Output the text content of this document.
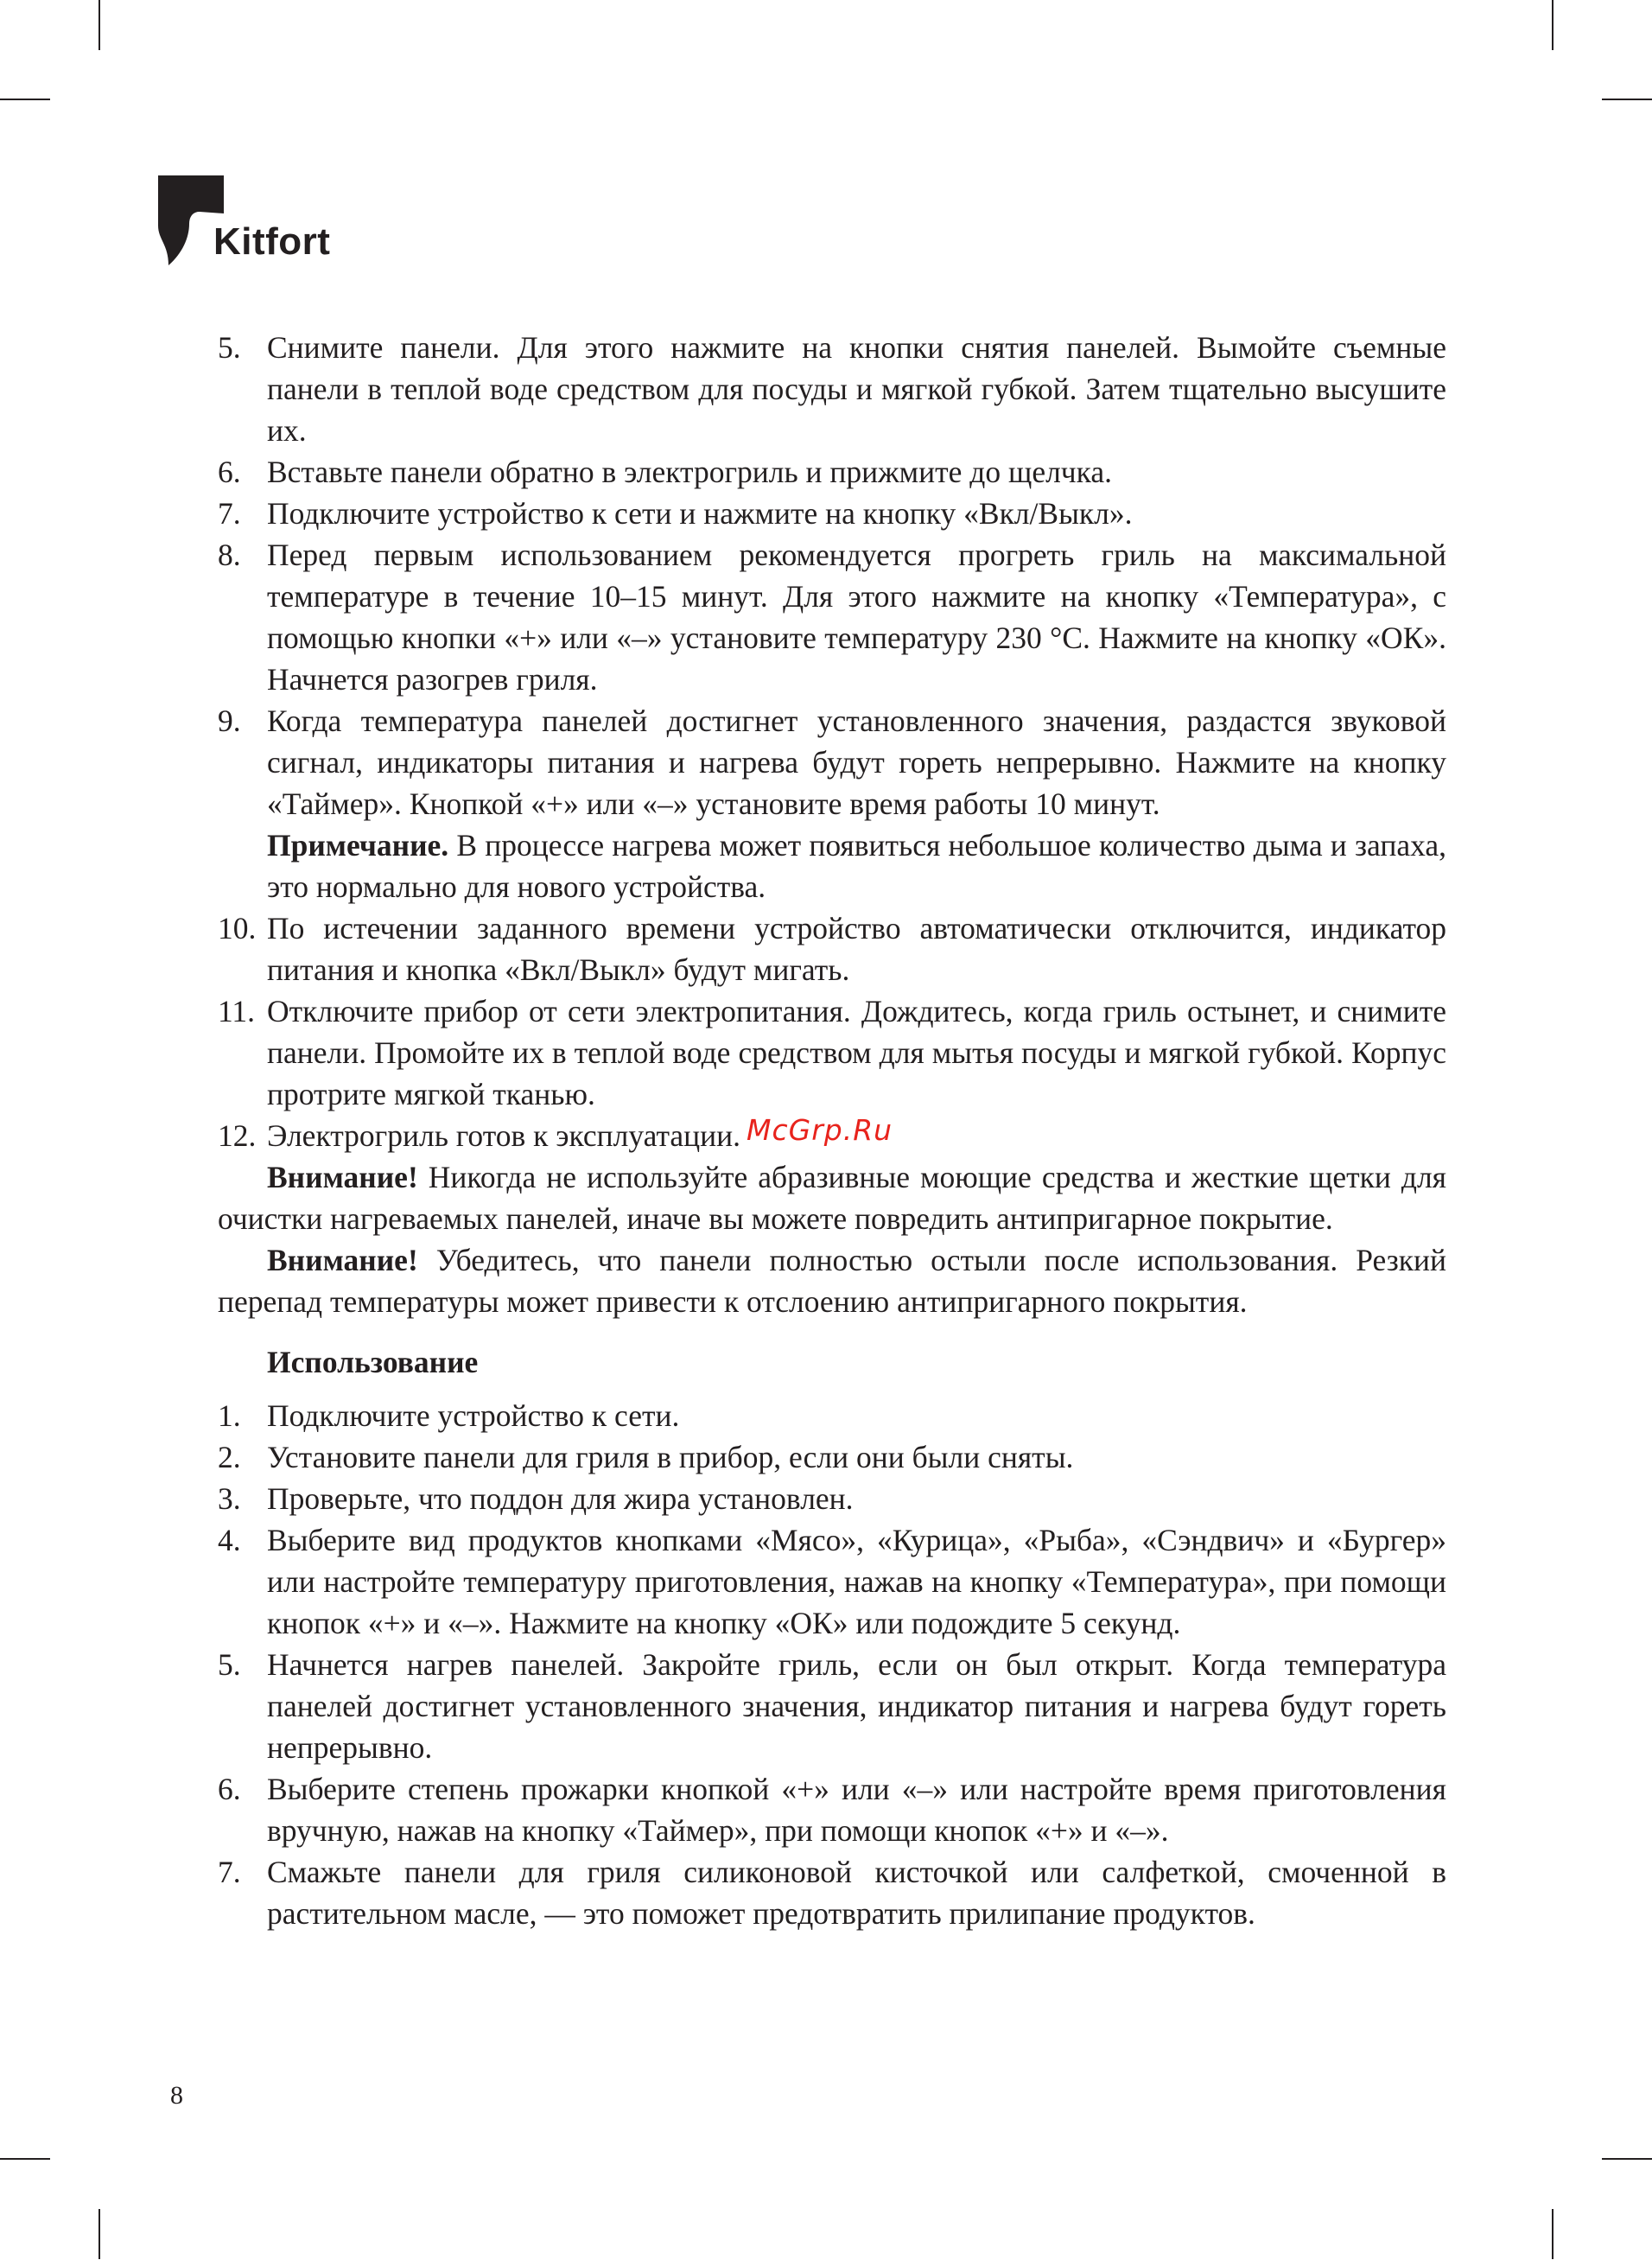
Kitfort
5. Снимите панели. Для этого нажмите на кнопки снятия панелей. Вымойте съемные панели в теплой воде средством для посуды и мягкой губкой. Затем тщательно высушите их.
6. Вставьте панели обратно в электрогриль и прижмите до щелчка.
7. Подключите устройство к сети и нажмите на кнопку «Вкл/Выкл».
8. Перед первым использованием рекомендуется прогреть гриль на максимальной температуре в течение 10–15 минут. Для этого нажмите на кнопку «Температура», с помощью кнопки «+» или «–» установите температуру 230 °С. Нажмите на кнопку «ОК». Начнется разогрев гриля.
9. Когда температура панелей достигнет установленного значения, раздастся звуковой сигнал, индикаторы питания и нагрева будут гореть непрерывно. Нажмите на кнопку «Таймер». Кнопкой «+» или «–» установите время работы 10 минут.
Примечание. В процессе нагрева может появиться небольшое количество дыма и запаха, это нормально для нового устройства.
10. По истечении заданного времени устройство автоматически отключится, индикатор питания и кнопка «Вкл/Выкл» будут мигать.
11. Отключите прибор от сети электропитания. Дождитесь, когда гриль остынет, и снимите панели. Промойте их в теплой воде средством для мытья посуды и мягкой губкой. Корпус протрите мягкой тканью.
12. Электрогриль готов к эксплуатации.

Внимание! Никогда не используйте абразивные моющие средства и жесткие щетки для очистки нагреваемых панелей, иначе вы можете повредить антипригарное покрытие.

Внимание! Убедитесь, что панели полностью остыли после использования. Резкий перепад температуры может привести к отслоению антипригарного покрытия.

Использование
1. Подключите устройство к сети.
2. Установите панели для гриля в прибор, если они были сняты.
3. Проверьте, что поддон для жира установлен.
4. Выберите вид продуктов кнопками «Мясо», «Курица», «Рыба», «Сэндвич» и «Бургер» или настройте температуру приготовления, нажав на кнопку «Температура», при помощи кнопок «+» и «–». Нажмите на кнопку «ОК» или подождите 5 секунд.
5. Начнется нагрев панелей. Закройте гриль, если он был открыт. Когда температура панелей достигнет установленного значения, индикатор питания и нагрева будут гореть непрерывно.
6. Выберите степень прожарки кнопкой «+» или «–» или настройте время приготовления вручную, нажав на кнопку «Таймер», при помощи кнопок «+» и «–».
7. Смажьте панели для гриля силиконовой кисточкой или салфеткой, смоченной в растительном масле, — это поможет предотвратить прилипание продуктов.
McGrp.Ru
8
